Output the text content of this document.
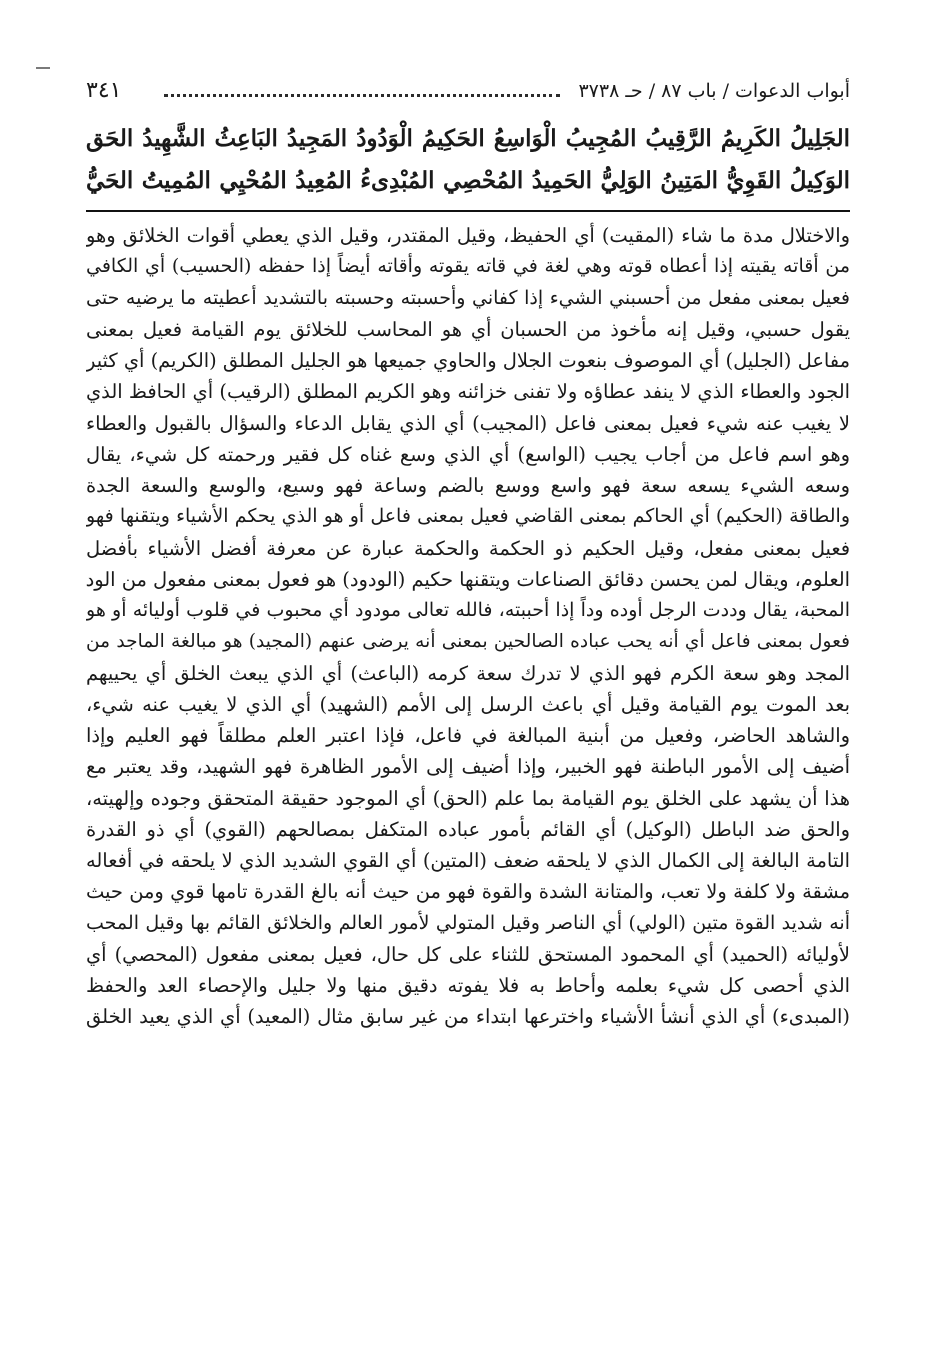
أبواب الدعوات / باب ٨٧ / حـ ٣٧٣٨
٣٤١
الجَلِيلُ الكَرِيمُ الرَّقِيبُ المُجِيبُ الْوَاسِعُ الحَكِيمُ الْوَدُودُ المَجِيدُ البَاعِثُ الشَّهِيدُ الحَق
الوَكِيلُ القَوِيُّ المَتِينُ الوَلِيُّ الحَمِيدُ المُحْصِي المُبْدِىءُ المُعِيدُ المُحْيِي المُمِيتُ الحَيُّ
والاختلال مدة ما شاء (المقيت) أي الحفيظ، وقيل المقتدر، وقيل الذي يعطي أقوات الخلائق وهو
من أقاته يقيته إذا أعطاه قوته وهي لغة في قاته يقوته وأقاته أيضاً إذا حفظه (الحسيب) أي الكافي
فعيل بمعنى مفعل من أحسبني الشيء إذا كفاني وأحسبته وحسبته بالتشديد أعطيته ما يرضيه حتى
يقول حسبي، وقيل إنه مأخوذ من الحسبان أي هو المحاسب للخلائق يوم القيامة فعيل بمعنى
مفاعل (الجليل) أي الموصوف بنعوت الجلال والحاوي جميعها هو الجليل المطلق (الكريم) أي كثير
الجود والعطاء الذي لا ينفد عطاؤه ولا تفنى خزائنه وهو الكريم المطلق (الرقيب) أي الحافظ الذي
لا يغيب عنه شيء فعيل بمعنى فاعل (المجيب) أي الذي يقابل الدعاء والسؤال بالقبول والعطاء
وهو اسم فاعل من أجاب يجيب (الواسع) أي الذي وسع غناه كل فقير ورحمته كل شيء، يقال
وسعه الشيء يسعه سعة فهو واسع ووسع بالضم وساعة فهو وسيع، والوسع والسعة الجدة
والطاقة (الحكيم) أي الحاكم بمعنى القاضي فعيل بمعنى فاعل أو هو الذي يحكم الأشياء ويتقنها فهو
فعيل بمعنى مفعل، وقيل الحكيم ذو الحكمة والحكمة عبارة عن معرفة أفضل الأشياء بأفضل
العلوم، ويقال لمن يحسن دقائق الصناعات ويتقنها حكيم (الودود) هو فعول بمعنى مفعول من الود
المحبة، يقال وددت الرجل أوده وداً إذا أحببته، فالله تعالى مودود أي محبوب في قلوب أوليائه أو هو
فعول بمعنى فاعل أي أنه يحب عباده الصالحين بمعنى أنه يرضى عنهم (المجيد) هو مبالغة الماجد من
المجد وهو سعة الكرم فهو الذي لا تدرك سعة كرمه (الباعث) أي الذي يبعث الخلق أي يحييهم
بعد الموت يوم القيامة وقيل أي باعث الرسل إلى الأمم (الشهيد) أي الذي لا يغيب عنه شيء،
والشاهد الحاضر، وفعيل من أبنية المبالغة في فاعل، فإذا اعتبر العلم مطلقاً فهو العليم وإذا
أضيف إلى الأمور الباطنة فهو الخبير، وإذا أضيف إلى الأمور الظاهرة فهو الشهيد، وقد يعتبر مع
هذا أن يشهد على الخلق يوم القيامة بما علم (الحق) أي الموجود حقيقة المتحقق وجوده وإلهيته،
والحق ضد الباطل (الوكيل) أي القائم بأمور عباده المتكفل بمصالحهم (القوي) أي ذو القدرة
التامة البالغة إلى الكمال الذي لا يلحقه ضعف (المتين) أي القوي الشديد الذي لا يلحقه في أفعاله
مشقة ولا كلفة ولا تعب، والمتانة الشدة والقوة فهو من حيث أنه بالغ القدرة تامها قوي ومن حيث
أنه شديد القوة متين (الولي) أي الناصر وقيل المتولي لأمور العالم والخلائق القائم بها وقيل المحب
لأوليائه (الحميد) أي المحمود المستحق للثناء على كل حال، فعيل بمعنى مفعول (المحصي) أي
الذي أحصى كل شيء بعلمه وأحاط به فلا يفوته دقيق منها ولا جليل والإحصاء العد والحفظ
(المبدىء) أي الذي أنشأ الأشياء واخترعها ابتداء من غير سابق مثال (المعيد) أي الذي يعيد الخلق
